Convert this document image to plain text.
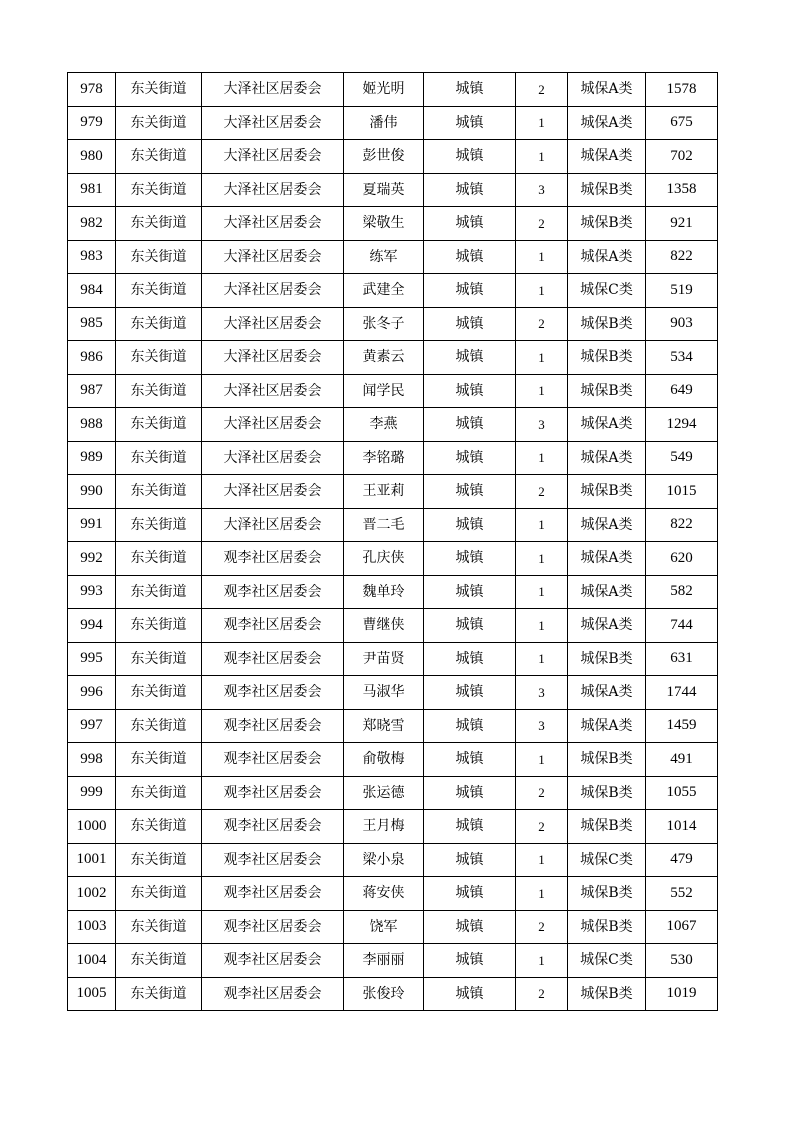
978	东关街道	大泽社区居委会	姬光明	城镇	2	城保A类	1578
979	东关街道	大泽社区居委会	潘伟	城镇	1	城保A类	675
980	东关街道	大泽社区居委会	彭世俊	城镇	1	城保A类	702
981	东关街道	大泽社区居委会	夏瑞英	城镇	3	城保B类	1358
982	东关街道	大泽社区居委会	梁敬生	城镇	2	城保B类	921
983	东关街道	大泽社区居委会	练军	城镇	1	城保A类	822
984	东关街道	大泽社区居委会	武建全	城镇	1	城保C类	519
985	东关街道	大泽社区居委会	张冬子	城镇	2	城保B类	903
986	东关街道	大泽社区居委会	黄素云	城镇	1	城保B类	534
987	东关街道	大泽社区居委会	闻学民	城镇	1	城保B类	649
988	东关街道	大泽社区居委会	李燕	城镇	3	城保A类	1294
989	东关街道	大泽社区居委会	李铭璐	城镇	1	城保A类	549
990	东关街道	大泽社区居委会	王亚莉	城镇	2	城保B类	1015
991	东关街道	大泽社区居委会	晋二毛	城镇	1	城保A类	822
992	东关街道	观李社区居委会	孔庆侠	城镇	1	城保A类	620
993	东关街道	观李社区居委会	魏单玲	城镇	1	城保A类	582
994	东关街道	观李社区居委会	曹继侠	城镇	1	城保A类	744
995	东关街道	观李社区居委会	尹苗贤	城镇	1	城保B类	631
996	东关街道	观李社区居委会	马淑华	城镇	3	城保A类	1744
997	东关街道	观李社区居委会	郑晓雪	城镇	3	城保A类	1459
998	东关街道	观李社区居委会	俞敬梅	城镇	1	城保B类	491
999	东关街道	观李社区居委会	张运德	城镇	2	城保B类	1055
1000	东关街道	观李社区居委会	王月梅	城镇	2	城保B类	1014
1001	东关街道	观李社区居委会	梁小泉	城镇	1	城保C类	479
1002	东关街道	观李社区居委会	蒋安侠	城镇	1	城保B类	552
1003	东关街道	观李社区居委会	饶军	城镇	2	城保B类	1067
1004	东关街道	观李社区居委会	李丽丽	城镇	1	城保C类	530
1005	东关街道	观李社区居委会	张俊玲	城镇	2	城保B类	1019
